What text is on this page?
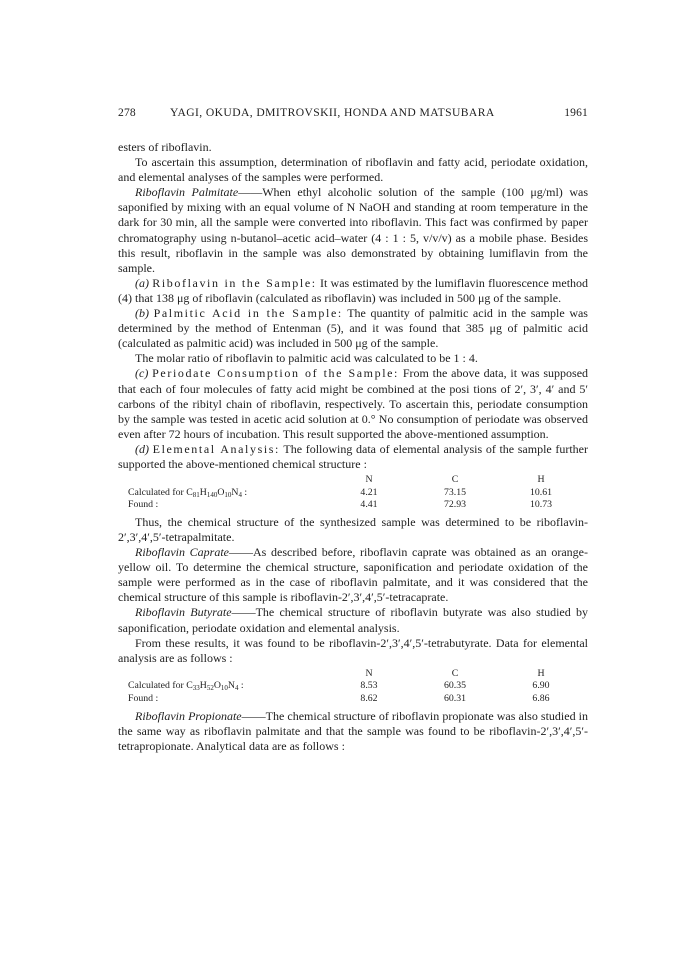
278	YAGI, OKUDA, DMITROVSKII, HONDA AND MATSUBARA	1961

esters of riboflavin.

To ascertain this assumption, determination of riboflavin and fatty acid, periodate oxidation, and elemental analyses of the samples were performed.

Riboflavin Palmitate——When ethyl alcoholic solution of the sample (100 μg/ml) was saponified by mixing with an equal volume of N NaOH and standing at room temperature in the dark for 30 min, all the sample were converted into riboflavin. This fact was confirmed by paper chromatography using n-butanol–acetic acid–water (4 : 1 : 5, v/v/v) as a mobile phase. Besides this result, riboflavin in the sample was also demonstrated by obtaining lumiflavin from the sample.

(a) Riboflavin in the Sample: It was estimated by the lumiflavin fluorescence method (4) that 138 μg of riboflavin (calculated as riboflavin) was included in 500 μg of the sample.

(b) Palmitic Acid in the Sample: The quantity of palmitic acid in the sample was determined by the method of Entenman (5), and it was found that 385 μg of palmitic acid (calculated as palmitic acid) was included in 500 μg of the sample.

The molar ratio of riboflavin to palmitic acid was calculated to be 1 : 4.

(c) Periodate Consumption of the Sample: From the above data, it was supposed that each of four molecules of fatty acid might be combined at the posi tions of 2′, 3′, 4′ and 5′ carbons of the ribityl chain of riboflavin, respectively. To ascertain this, periodate consumption by the sample was tested in acetic acid solution at 0.° No consumption of periodate was observed even after 72 hours of incubation. This result supported the above-mentioned assumption.

(d) Elemental Analysis: The following data of elemental analysis of the sample further supported the above-mentioned chemical structure :

	N		C		H
Calculated for $C_{81}H_{140}O_{10}N_4$ :	4.21		73.15		10.61
Found :	4.41		72.93		10.73

Thus, the chemical structure of the synthesized sample was determined to be riboflavin-2′,3′,4′,5′-tetrapalmitate.

Riboflavin Caprate——As described before, riboflavin caprate was obtained as an orange-yellow oil. To determine the chemical structure, saponification and periodate oxidation of the sample were performed as in the case of riboflavin palmitate, and it was considered that the chemical structure of this sample is riboflavin-2′,3′,4′,5′-tetracaprate.

Riboflavin Butyrate——The chemical structure of riboflavin butyrate was also studied by saponification, periodate oxidation and elemental analysis.

From these results, it was found to be riboflavin-2′,3′,4′,5′-tetrabutyrate. Data for elemental analysis are as follows :

	N		C		H
Calculated for $C_{33}H_{52}O_{10}N_4$ :	8.53		60.35		6.90
Found :	8.62		60.31		6.86

Riboflavin Propionate——The chemical structure of riboflavin propionate was also studied in the same way as riboflavin palmitate and that the sample was found to be riboflavin-2′,3′,4′,5′-tetrapropionate. Analytical data are as follows :
